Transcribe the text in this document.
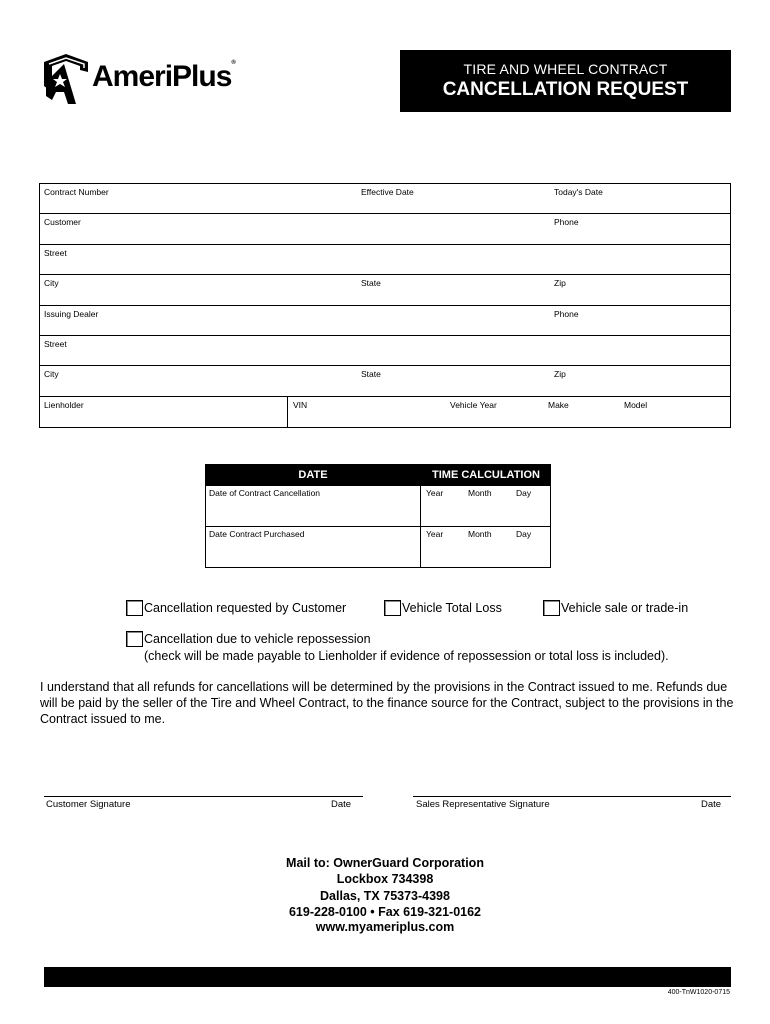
AmeriPlus®	TIRE AND WHEEL CONTRACT
CANCELLATION REQUEST
Contract Number	Effective Date	Today's Date
Customer	Phone
Street
City	State	Zip
Issuing Dealer	Phone
Street
City	State	Zip
Lienholder	VIN	Vehicle Year	Make	Model
DATE	TIME CALCULATION
Date of Contract Cancellation	Year	Month	Day
Date Contract Purchased	Year	Month	Day
Cancellation requested by Customer	Vehicle Total Loss	Vehicle sale or trade-in
Cancellation due to vehicle repossession
(check will be made payable to Lienholder if evidence of repossession or total loss is included).
I understand that all refunds for cancellations will be determined by the provisions in the Contract issued to me. Refunds due will be paid by the seller of the Tire and Wheel Contract, to the finance source for the Contract, subject to the provisions in the Contract issued to me.
Customer Signature	Date	Sales Representative Signature	Date
Mail to: OwnerGuard Corporation
Lockbox 734398
Dallas, TX 75373-4398
619-228-0100 • Fax 619-321-0162
www.myameriplus.com
400-TnW1020-0715
